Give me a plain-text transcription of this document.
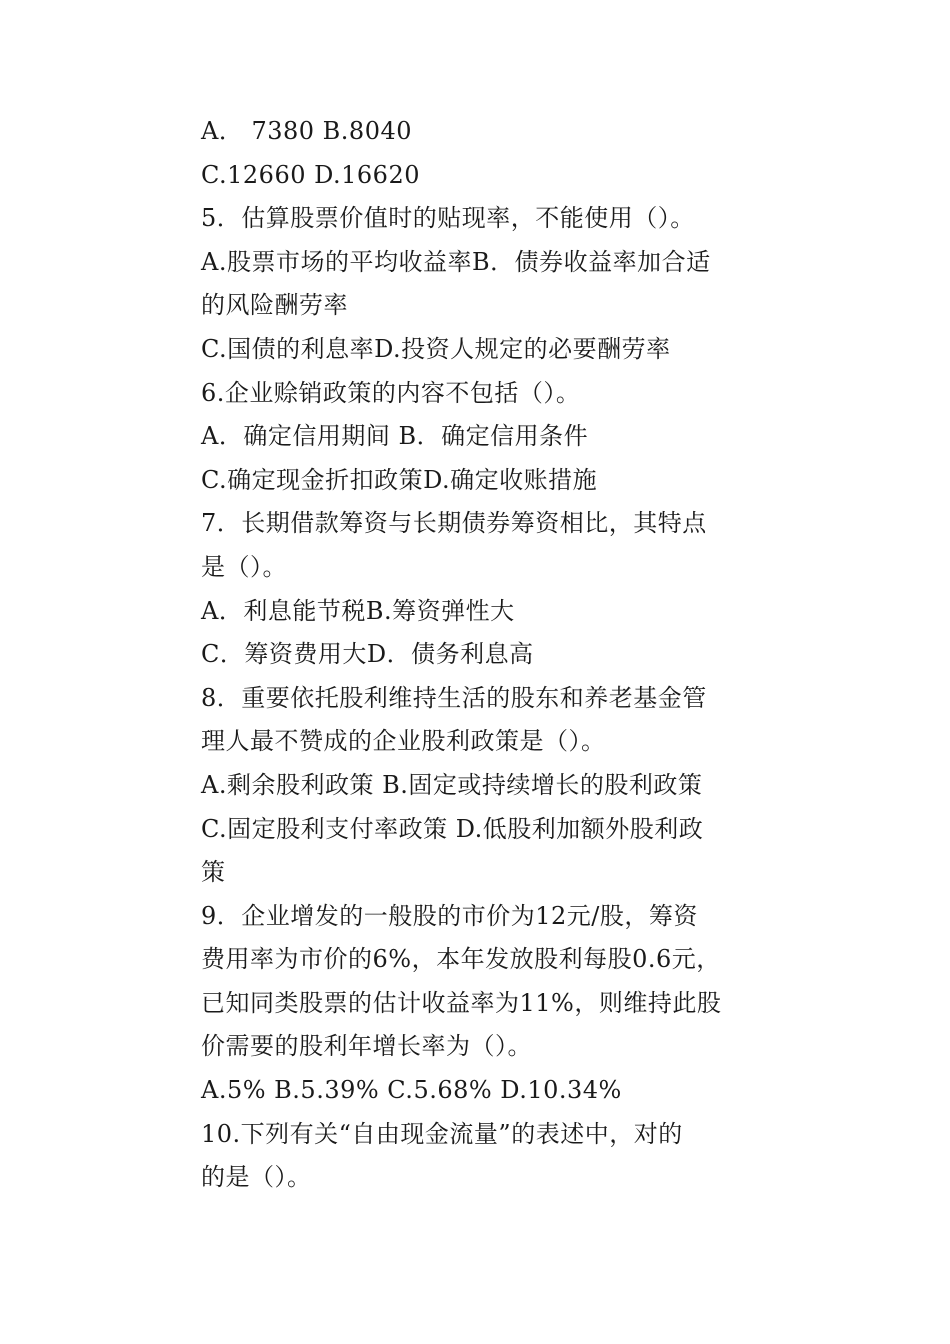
A． 7380 B.8040
C.12660 D.16620
5．估算股票价值时的贴现率，不能使用（）。
A.股票市场的平均收益率B．债券收益率加合适
的风险酬劳率
C.国债的利息率D.投资人规定的必要酬劳率
6.企业赊销政策的内容不包括（）。
A．确定信用期间 B．确定信用条件
C.确定现金折扣政策D.确定收账措施
7．长期借款筹资与长期债券筹资相比，其特点
是（）。
A．利息能节税B.筹资弹性大
C．筹资费用大D．债务利息高
8．重要依托股利维持生活的股东和养老基金管
理人最不赞成的企业股利政策是（）。
A.剩余股利政策 B.固定或持续增长的股利政策
C.固定股利支付率政策 D.低股利加额外股利政
策
9．企业增发的一般股的市价为12元/股，筹资
费用率为市价的6%，本年发放股利每股0.6元，
已知同类股票的估计收益率为11%，则维持此股
价需要的股利年增长率为（）。
A.5% B.5.39% C.5.68% D.10.34%
10.下列有关“自由现金流量”的表述中，对的
的是（）。
